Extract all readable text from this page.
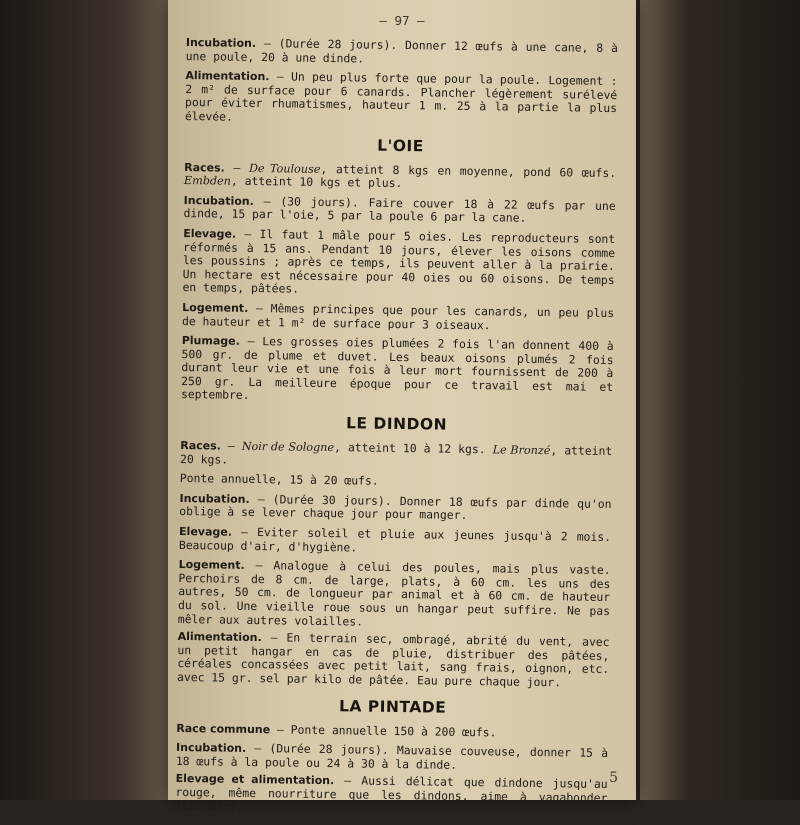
— 97 —

Incubation. — (Durée 28 jours). Donner 12 œufs à une cane, 8 à une poule, 20 à une dinde.

Alimentation. — Un peu plus forte que pour la poule. Logement : 2 m² de surface pour 6 canards. Plancher légèrement surélevé pour éviter rhumatismes, hauteur 1 m. 25 à la partie la plus élevée.

L'OIE

Races. — De Toulouse, atteint 8 kgs en moyenne, pond 60 œufs. Embden, atteint 10 kgs et plus.

Incubation. — (30 jours). Faire couver 18 à 22 œufs par une dinde, 15 par l'oie, 5 par la poule 6 par la cane.

Elevage. — Il faut 1 mâle pour 5 oies. Les reproducteurs sont réformés à 15 ans. Pendant 10 jours, élever les oisons comme les poussins ; après ce temps, ils peuvent aller à la prairie. Un hectare est nécessaire pour 40 oies ou 60 oisons. De temps en temps, pâtées.

Logement. — Mêmes principes que pour les canards, un peu plus de hauteur et 1 m² de surface pour 3 oiseaux.

Plumage. — Les grosses oies plumées 2 fois l'an donnent 400 à 500 gr. de plume et duvet. Les beaux oisons plumés 2 fois durant leur vie et une fois à leur mort fournissent de 200 à 250 gr. La meilleure époque pour ce travail est mai et septembre.

LE DINDON

Races. — Noir de Sologne, atteint 10 à 12 kgs. Le Bronzé, atteint 20 kgs.

Ponte annuelle, 15 à 20 œufs.

Incubation. — (Durée 30 jours). Donner 18 œufs par dinde qu'on oblige à se lever chaque jour pour manger.

Elevage. — Eviter soleil et pluie aux jeunes jusqu'à 2 mois. Beaucoup d'air, d'hygiène.

Logement. — Analogue à celui des poules, mais plus vaste. Perchoirs de 8 cm. de large, plats, à 60 cm. les uns des autres, 50 cm. de longueur par animal et à 60 cm. de hauteur du sol. Une vieille roue sous un hangar peut suffire. Ne pas mêler aux autres volailles.

Alimentation. — En terrain sec, ombragé, abrité du vent, avec un petit hangar en cas de pluie, distribuer des pâtées, céréales concassées avec petit lait, sang frais, oignon, etc. avec 15 gr. sel par kilo de pâtée. Eau pure chaque jour.

LA PINTADE

Race commune — Ponte annuelle 150 à 200 œufs.

Incubation. — (Durée 28 jours). Mauvaise couveuse, donner 15 à 18 œufs à la poule ou 24 à 30 à la dinde.

Elevage et alimentation. — Aussi délicat que dindone jusqu'au rouge, même nourriture que les dindons, aime à vagabonder librement,

5
